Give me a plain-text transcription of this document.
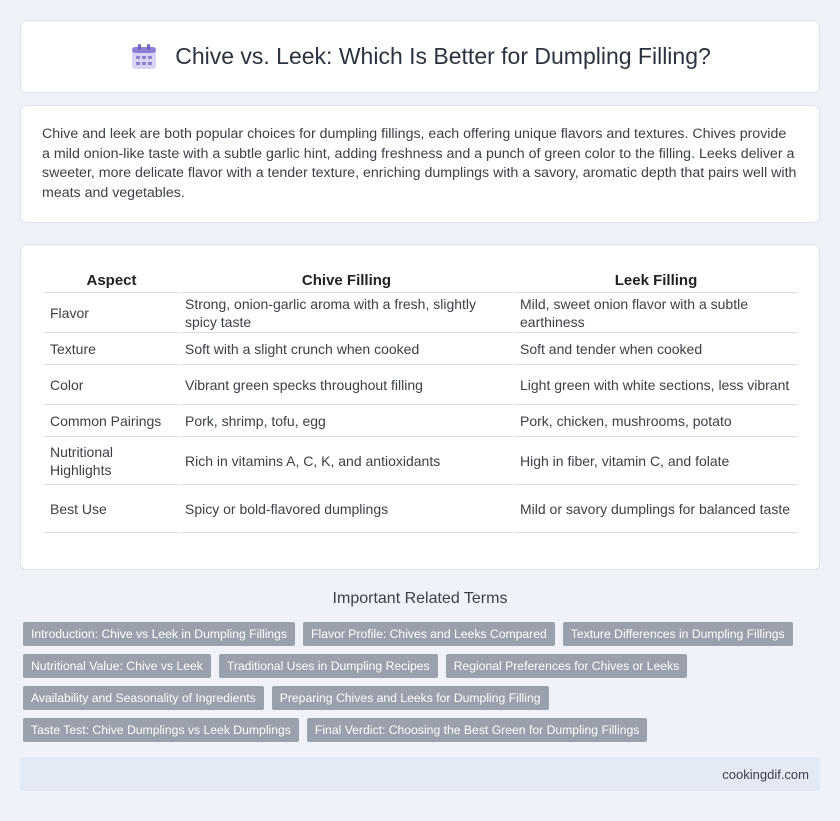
Chive vs. Leek: Which Is Better for Dumpling Filling?

Chive and leek are both popular choices for dumpling fillings, each offering unique flavors and textures. Chives provide a mild onion-like taste with a subtle garlic hint, adding freshness and a punch of green color to the filling. Leeks deliver a sweeter, more delicate flavor with a tender texture, enriching dumplings with a savory, aromatic depth that pairs well with meats and vegetables.

Aspect	Chive Filling	Leek Filling
Flavor	Strong, onion-garlic aroma with a fresh, slightly spicy taste	Mild, sweet onion flavor with a subtle earthiness
Texture	Soft with a slight crunch when cooked	Soft and tender when cooked
Color	Vibrant green specks throughout filling	Light green with white sections, less vibrant
Common Pairings	Pork, shrimp, tofu, egg	Pork, chicken, mushrooms, potato
Nutritional Highlights	Rich in vitamins A, C, K, and antioxidants	High in fiber, vitamin C, and folate
Best Use	Spicy or bold-flavored dumplings	Mild or savory dumplings for balanced taste
Important Related Terms
Introduction: Chive vs Leek in Dumpling Fillings	Flavor Profile: Chives and Leeks Compared	Texture Differences in Dumpling Fillings
Nutritional Value: Chive vs Leek	Traditional Uses in Dumpling Recipes	Regional Preferences for Chives or Leeks
Availability and Seasonality of Ingredients	Preparing Chives and Leeks for Dumpling Filling
Taste Test: Chive Dumplings vs Leek Dumplings	Final Verdict: Choosing the Best Green for Dumpling Fillings
cookingdif.com
